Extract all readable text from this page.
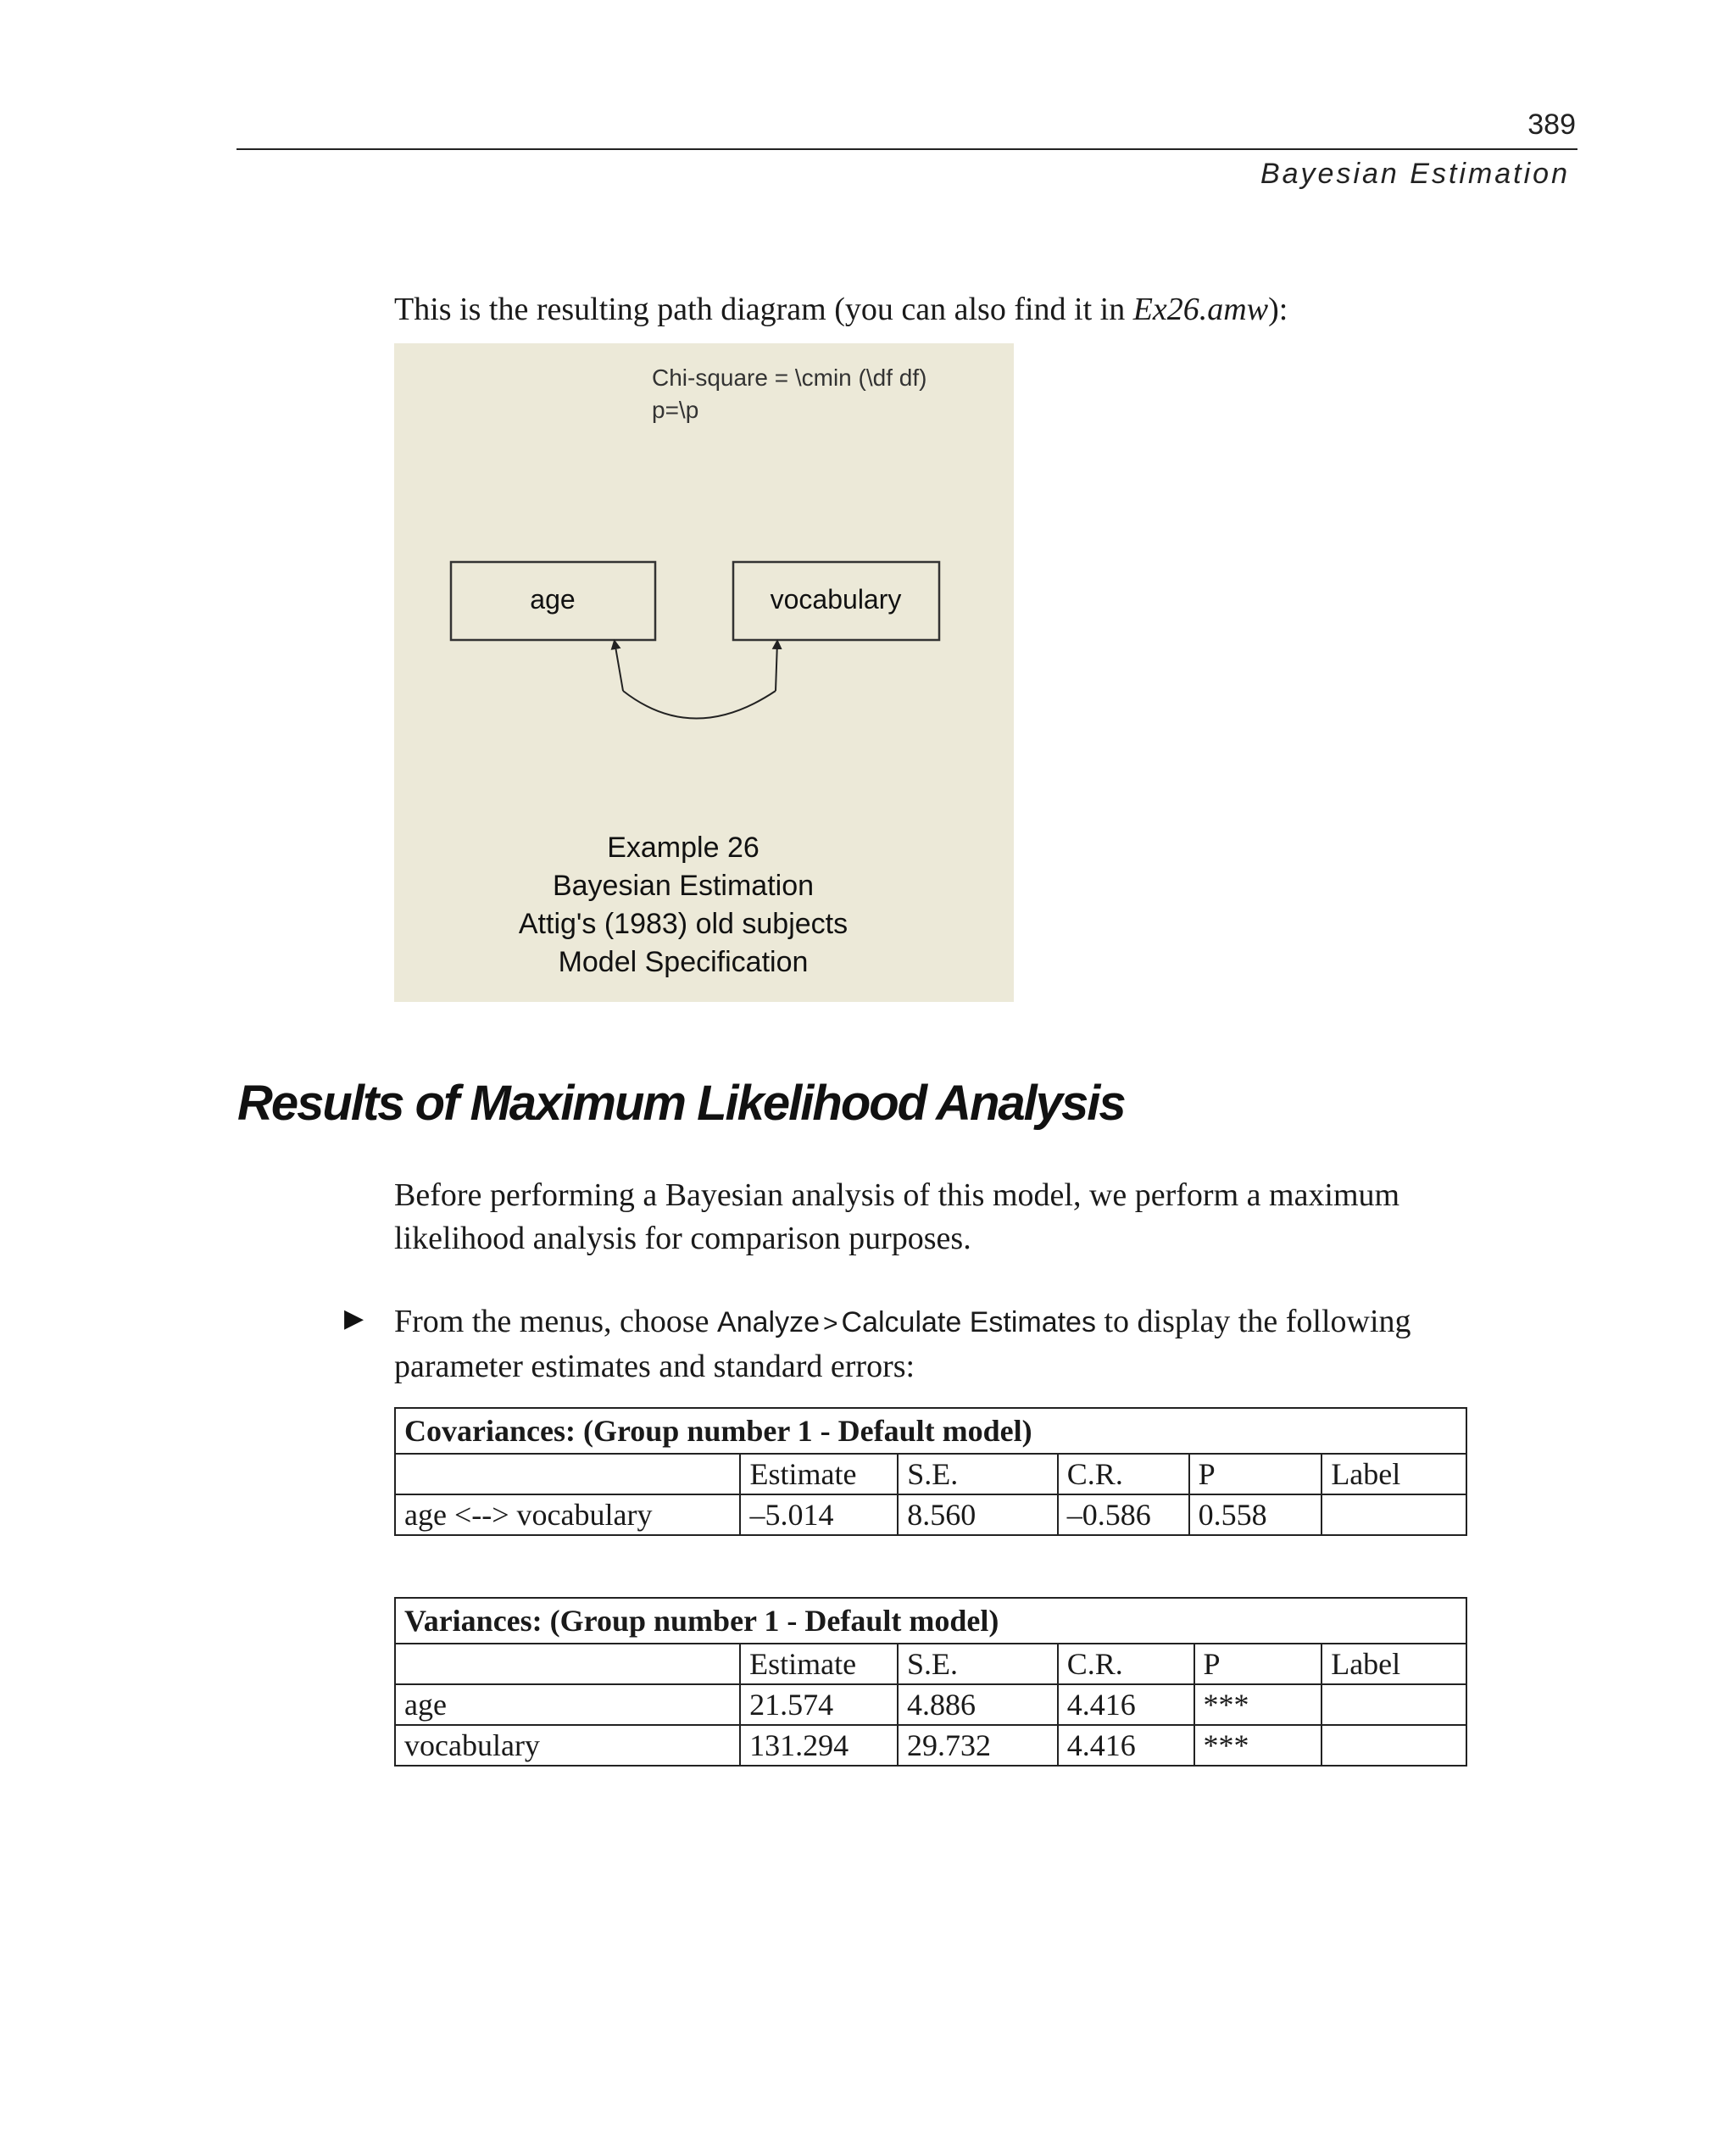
389
Bayesian Estimation
This is the resulting path diagram (you can also find it in Ex26.amw):
Chi-square = \cmin (\df df)
p=\p
age	vocabulary
Example 26
Bayesian Estimation
Attig's (1983) old subjects
Model Specification
Results of Maximum Likelihood Analysis
Before performing a Bayesian analysis of this model, we perform a maximum likelihood analysis for comparison purposes.
▶ From the menus, choose Analyze > Calculate Estimates to display the following parameter estimates and standard errors:
Covariances: (Group number 1 - Default model)					
	Estimate	S.E.	C.R.	P	Label
age <--> vocabulary	–5.014	8.560	–0.586	0.558	
Variances: (Group number 1 - Default model)					
	Estimate	S.E.	C.R.	P	Label
age	21.574	4.886	4.416	***	
vocabulary	131.294	29.732	4.416	***	
